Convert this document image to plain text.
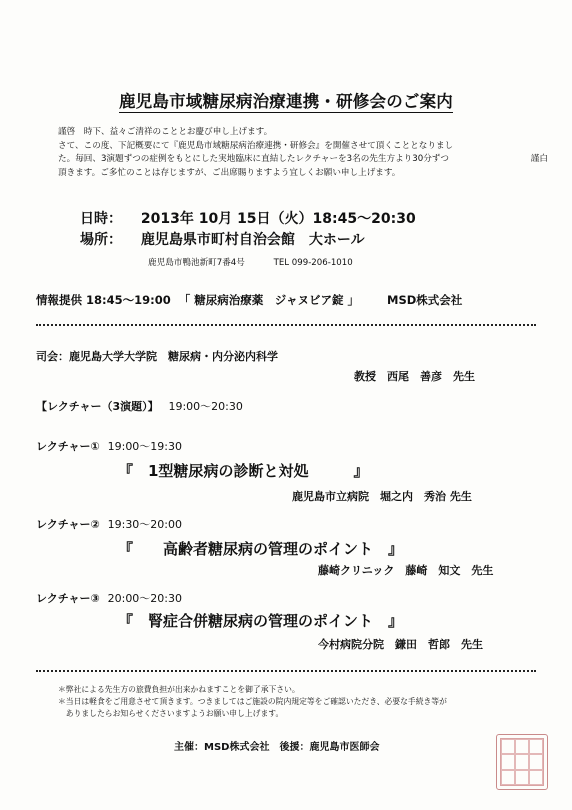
鹿児島市域糖尿病治療連携・研修会のご案内
謹啓　時下、益々ご清祥のこととお慶び申し上げます。
さて、この度、下記概要にて『鹿児島市域糖尿病治療連携・研修会』を開催させて頂くこととなりまし
た。毎回、3演題ずつの症例をもとにした実地臨床に直結したレクチャーを3名の先生方より30分ずつ
頂きます。ご多忙のことは存じますが、ご出席賜りますよう宜しくお願い申し上げます。
謹白
日時： 2013年 10月 15日（火）18:45～20:30
場所： 鹿児島県市町村自治会館　大ホール
鹿児島市鴨池新町7番4号	TEL 099-206-1010
情報提供 18:45～19:00 「 糖尿病治療薬　ジャヌビア錠 」 MSD株式会社
司会：鹿児島大学大学院　糖尿病・内分泌内科学
教授　西尾　善彦　先生
【レクチャー（3演題）】 19:00～20:30
レクチャー① 19:00～19:30
『　1型糖尿病の診断と対処　　　』
鹿児島市立病院　堀之内　秀治 先生
レクチャー② 19:30～20:00
『　　高齢者糖尿病の管理のポイント　』
藤崎クリニック　藤崎　知文　先生
レクチャー③ 20:00～20:30
『　腎症合併糖尿病の管理のポイント　』
今村病院分院　鎌田　哲郎　先生
＊弊社による先生方の旅費負担が出来かねますことを御了承下さい。
＊当日は軽食をご用意させて頂きます。つきましてはご施設の院内規定等をご確認いただき、必要な手続き等が
　ありましたらお知らせくださいますようお願い申し上げます。
主催：MSD株式会社　後援：鹿児島市医師会
